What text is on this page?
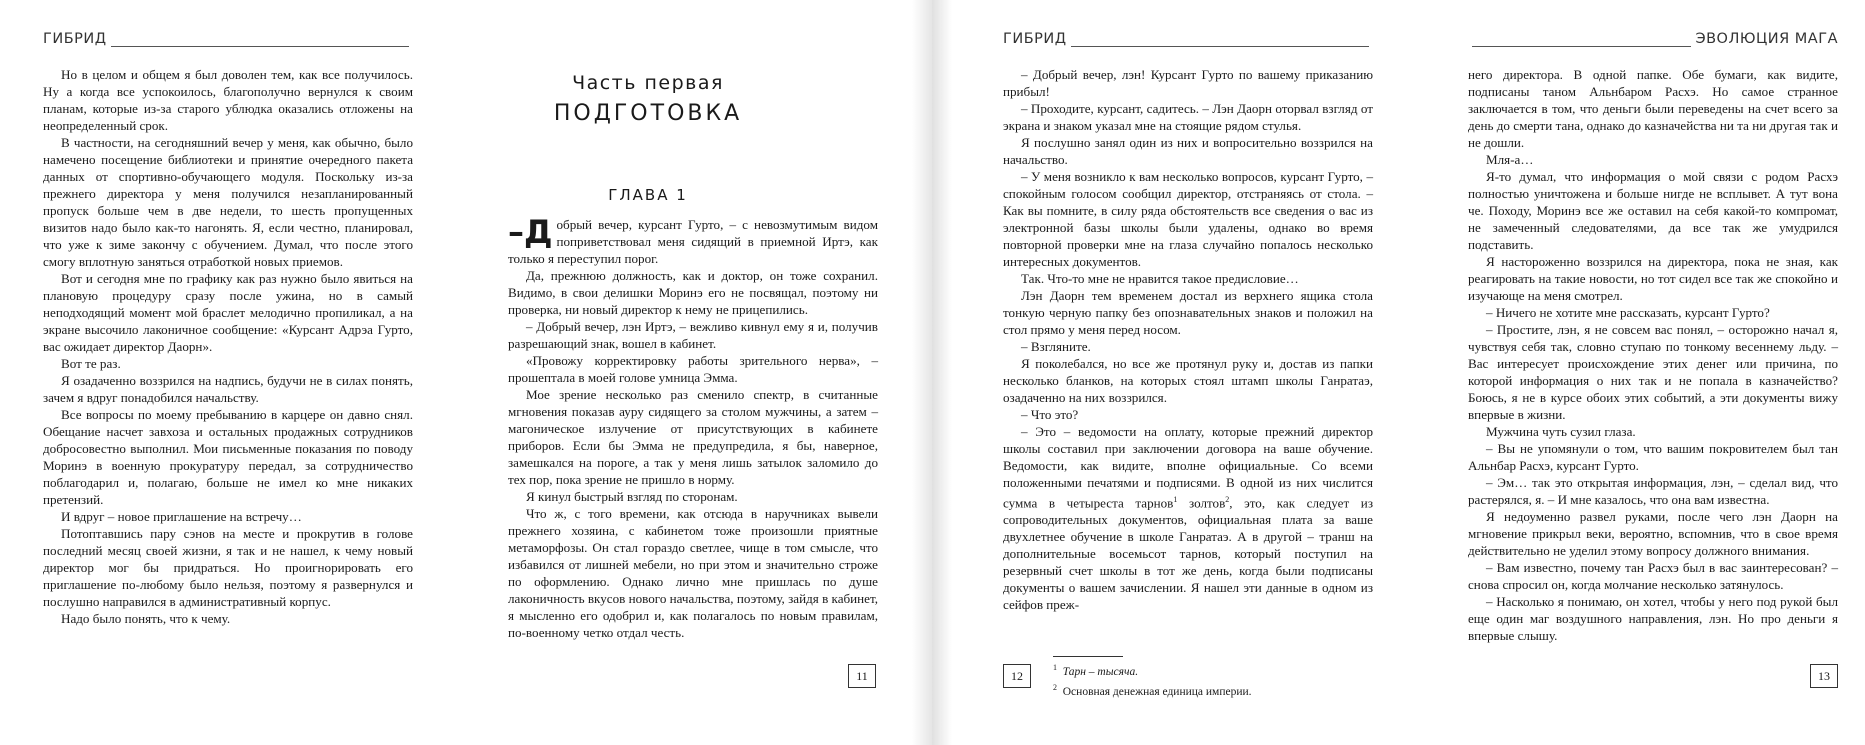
ГИБРИД

Но в целом и общем я был доволен тем, как все получилось. Ну а когда все успокоилось, благополучно вернулся к своим планам, которые из-за старого ублюдка оказались отложены на неопределенный срок.

В частности, на сегодняшний вечер у меня, как обычно, было намечено посещение библиотеки и принятие очередного пакета данных от спортивно-обучающего модуля. Поскольку из-за прежнего директора у меня получился незапланированный пропуск больше чем в две недели, то шесть пропущенных визитов надо было как-то нагонять. Я, если честно, планировал, что уже к зиме закончу с обучением. Думал, что после этого смогу вплотную заняться отработкой новых приемов.

Вот и сегодня мне по графику как раз нужно было явиться на плановую процедуру сразу после ужина, но в самый неподходящий момент мой браслет мелодично пропиликал, а на экране высочило лаконичное сообщение: «Курсант Адрэа Гурто, вас ожидает директор Даорн».

Вот те раз.

Я озадаченно воззрился на надпись, будучи не в силах понять, зачем я вдруг понадобился начальству.

Все вопросы по моему пребыванию в карцере он давно снял. Обещание насчет завхоза и остальных продажных сотрудников добросовестно выполнил. Мои письменные показания по поводу Моринэ в военную прокуратуру передал, за сотрудничество поблагодарил и, полагаю, больше не имел ко мне никаких претензий.

И вдруг – новое приглашение на встречу…

Потоптавшись пару сэнов на месте и прокрутив в голове последний месяц своей жизни, я так и не нашел, к чему новый директор мог бы придраться. Но проигнорировать его приглашение по-любому было нельзя, поэтому я развернулся и послушно направился в административный корпус.

Надо было понять, что к чему.

Часть первая
ПОДГОТОВКА
ГЛАВА 1

–Д обрый вечер, курсант Гурто, – с невозмутимым видом поприветствовал меня сидящий в приемной Иртэ, как только я переступил порог.

Да, прежнюю должность, как и доктор, он тоже сохранил. Видимо, в свои делишки Моринэ его не посвящал, поэтому ни проверка, ни новый директор к нему не прицепились.

– Добрый вечер, лэн Иртэ, – вежливо кивнул ему я и, получив разрешающий знак, вошел в кабинет.

«Провожу корректировку работы зрительного нерва», – прошептала в моей голове умница Эмма.

Мое зрение несколько раз сменило спектр, в считанные мгновения показав ауру сидящего за столом мужчины, а затем – магоническое излучение от присутствующих в кабинете приборов. Если бы Эмма не предупредила, я бы, наверное, замешкался на пороге, а так у меня лишь затылок заломило до тех пор, пока зрение не пришло в норму.

Я кинул быстрый взгляд по сторонам.

Что ж, с того времени, как отсюда в наручниках вывели прежнего хозяина, с кабинетом тоже произошли приятные метаморфозы. Он стал гораздо светлее, чище в том смысле, что избавился от лишней мебели, но при этом и значительно строже по оформлению. Однако лично мне пришлась по душе лаконичность вкусов нового начальства, поэтому, зайдя в кабинет, я мысленно его одобрил и, как полагалось по новым правилам, по-военному четко отдал честь.

11
ГИБРИД

– Добрый вечер, лэн! Курсант Гурто по вашему приказанию прибыл!

– Проходите, курсант, садитесь. – Лэн Даорн оторвал взгляд от экрана и знаком указал мне на стоящие рядом стулья.

Я послушно занял один из них и вопросительно воззрился на начальство.

– У меня возникло к вам несколько вопросов, курсант Гурто, – спокойным голосом сообщил директор, отстраняясь от стола. – Как вы помните, в силу ряда обстоятельств все сведения о вас из электронной базы школы были удалены, однако во время повторной проверки мне на глаза случайно попалось несколько интересных документов.

Так. Что-то мне не нравится такое предисловие…

Лэн Даорн тем временем достал из верхнего ящика стола тонкую черную папку без опознавательных знаков и положил на стол прямо у меня перед носом.

– Взгляните.

Я поколебался, но все же протянул руку и, достав из папки несколько бланков, на которых стоял штамп школы Ганратаэ, озадаченно на них воззрился.

– Что это?

– Это – ведомости на оплату, которые прежний директор школы составил при заключении договора на ваше обучение. Ведомости, как видите, вполне официальные. Со всеми положенными печатями и подписями. В одной из них числится сумма в четыреста тарнов$^1$ золтов$^2$, это, как следует из сопроводительных документов, официальная плата за ваше двухлетнее обучение в школе Ганратаэ. А в другой – транш на дополнительные восемьсот тарнов, который поступил на резервный счет школы в тот же день, когда были подписаны документы о вашем зачислении. Я нашел эти данные в одном из сейфов преж-

12
$^1$ Тарн – тысяча.
$^2$ Основная денежная единица империи.
ЭВОЛЮЦИЯ МАГА

него директора. В одной папке. Обе бумаги, как видите, подписаны таном Альнбаром Расхэ. Но самое странное заключается в том, что деньги были переведены на счет всего за день до смерти тана, однако до казначейства ни та ни другая так и не дошли.

Мля-а…

Я-то думал, что информация о мой связи с родом Расхэ полностью уничтожена и больше нигде не всплывет. А тут вона че. Походу, Моринэ все же оставил на себя какой-то компромат, не замеченный следователями, да все так же умудрился подставить.

Я настороженно воззрился на директора, пока не зная, как реагировать на такие новости, но тот сидел все так же спокойно и изучающе на меня смотрел.

– Ничего не хотите мне рассказать, курсант Гурто?

– Простите, лэн, я не совсем вас понял, – осторожно начал я, чувствуя себя так, словно ступаю по тонкому весеннему льду. – Вас интересует происхождение этих денег или причина, по которой информация о них так и не попала в казначейство? Боюсь, я не в курсе обоих этих событий, а эти документы вижу впервые в жизни.

Мужчина чуть сузил глаза.

– Вы не упомянули о том, что вашим покровителем был тан Альнбар Расхэ, курсант Гурто.

– Эм… так это открытая информация, лэн, – сделал вид, что растерялся, я. – И мне казалось, что она вам известна.

Я недоуменно развел руками, после чего лэн Даорн на мгновение прикрыл веки, вероятно, вспомнив, что в свое время действительно не уделил этому вопросу должного внимания.

– Вам известно, почему тан Расхэ был в вас заинтересован? – снова спросил он, когда молчание несколько затянулось.

– Насколько я понимаю, он хотел, чтобы у него под рукой был еще один маг воздушного направления, лэн. Но про деньги я впервые слышу.

13
